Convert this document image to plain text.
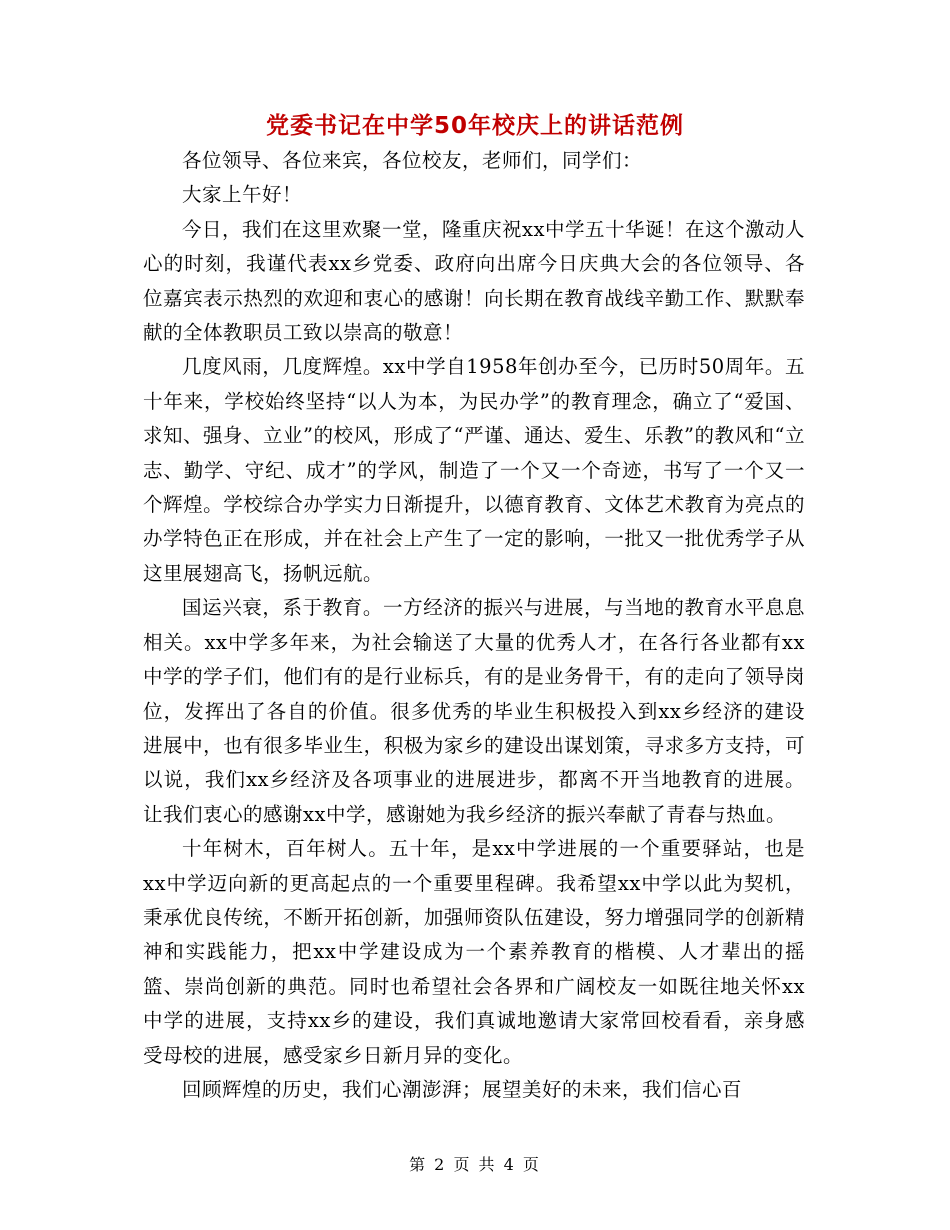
党委书记在中学50年校庆上的讲话范例

各位领导、各位来宾，各位校友，老师们，同学们：

大家上午好！

今日，我们在这里欢聚一堂，隆重庆祝xx中学五十华诞！在这个激动人心的时刻，我谨代表xx乡党委、政府向出席今日庆典大会的各位领导、各位嘉宾表示热烈的欢迎和衷心的感谢！向长期在教育战线辛勤工作、默默奉献的全体教职员工致以崇高的敬意！

几度风雨，几度辉煌。xx中学自1958年创办至今，已历时50周年。五十年来，学校始终坚持“以人为本，为民办学”的教育理念，确立了“爱国、求知、强身、立业”的校风，形成了“严谨、通达、爱生、乐教”的教风和“立志、勤学、守纪、成才”的学风，制造了一个又一个奇迹，书写了一个又一个辉煌。学校综合办学实力日渐提升，以德育教育、文体艺术教育为亮点的办学特色正在形成，并在社会上产生了一定的影响，一批又一批优秀学子从这里展翅高飞，扬帆远航。

国运兴衰，系于教育。一方经济的振兴与进展，与当地的教育水平息息相关。xx中学多年来，为社会输送了大量的优秀人才，在各行各业都有xx中学的学子们，他们有的是行业标兵，有的是业务骨干，有的走向了领导岗位，发挥出了各自的价值。很多优秀的毕业生积极投入到xx乡经济的建设进展中，也有很多毕业生，积极为家乡的建设出谋划策，寻求多方支持，可以说，我们xx乡经济及各项事业的进展进步，都离不开当地教育的进展。让我们衷心的感谢xx中学，感谢她为我乡经济的振兴奉献了青春与热血。

十年树木，百年树人。五十年，是xx中学进展的一个重要驿站，也是xx中学迈向新的更高起点的一个重要里程碑。我希望xx中学以此为契机，秉承优良传统，不断开拓创新，加强师资队伍建设，努力增强同学的创新精神和实践能力，把xx中学建设成为一个素养教育的楷模、人才辈出的摇篮、崇尚创新的典范。同时也希望社会各界和广阔校友一如既往地关怀xx中学的进展，支持xx乡的建设，我们真诚地邀请大家常回校看看，亲身感受母校的进展，感受家乡日新月异的变化。

回顾辉煌的历史，我们心潮澎湃；展望美好的未来，我们信心百

第 2 页 共 4 页
